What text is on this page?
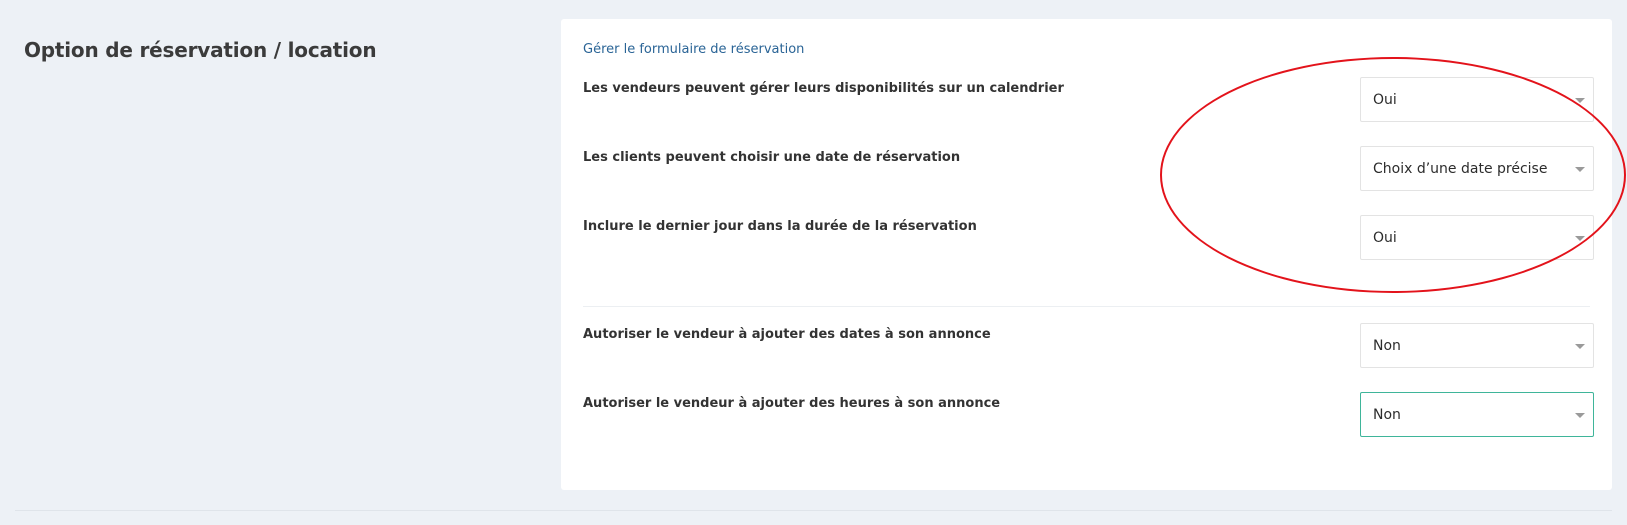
Option de réservation / location	Gérer le formulaire de réservation
Les vendeurs peuvent gérer leurs disponibilités sur un calendrier
Oui
Les clients peuvent choisir une date de réservation
Choix d’une date précise
Inclure le dernier jour dans la durée de la réservation
Oui
Autoriser le vendeur à ajouter des dates à son annonce
Non
Autoriser le vendeur à ajouter des heures à son annonce
Non
